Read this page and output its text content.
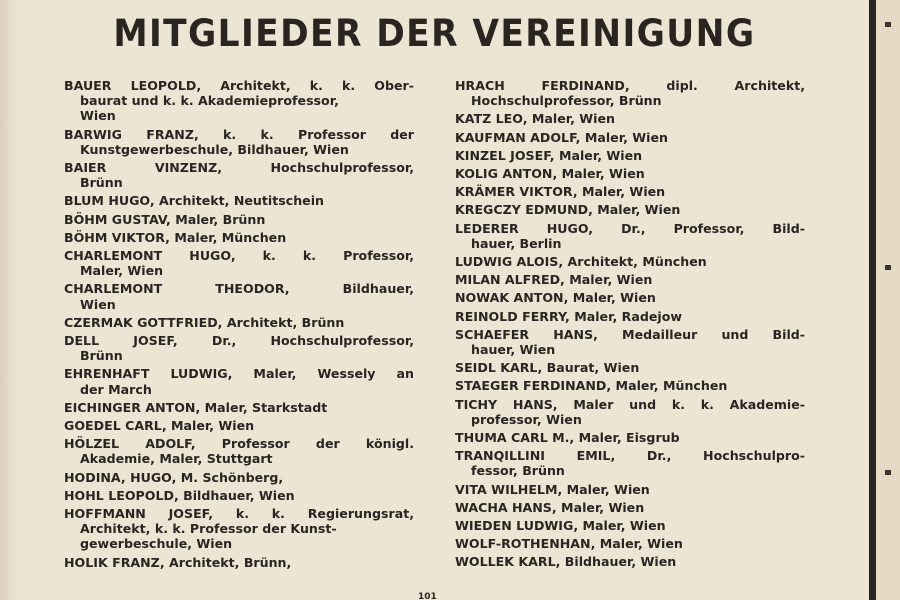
MITGLIEDER DER VEREINIGUNG
BAUER LEOPOLD, Architekt, k. k. Ober-
baurat und k. k. Akademieprofessor,
Wien
BARWIG FRANZ, k. k. Professor der
Kunstgewerbeschule, Bildhauer, Wien
BAIER VINZENZ, Hochschulprofessor,
Brünn
BLUM HUGO, Architekt, Neutitschein
BÖHM GUSTAV, Maler, Brünn
BÖHM VIKTOR, Maler, München
CHARLEMONT HUGO, k. k. Professor,
Maler, Wien
CHARLEMONT THEODOR, Bildhauer,
Wien
CZERMAK GOTTFRIED, Architekt, Brünn
DELL JOSEF, Dr., Hochschulprofessor,
Brünn
EHRENHAFT LUDWIG, Maler, Wessely an
der March
EICHINGER ANTON, Maler, Starkstadt
GOEDEL CARL, Maler, Wien
HÖLZEL ADOLF, Professor der königl.
Akademie, Maler, Stuttgart
HODINA, HUGO, M. Schönberg,
HOHL LEOPOLD, Bildhauer, Wien
HOFFMANN JOSEF, k. k. Regierungsrat,
Architekt, k. k. Professor der Kunst-
gewerbeschule, Wien
HOLIK FRANZ, Architekt, Brünn,
HRACH FERDINAND, dipl. Architekt,
Hochschulprofessor, Brünn
KATZ LEO, Maler, Wien
KAUFMAN ADOLF, Maler, Wien
KINZEL JOSEF, Maler, Wien
KOLIG ANTON, Maler, Wien
KRÄMER VIKTOR, Maler, Wien
KREGCZY EDMUND, Maler, Wien
LEDERER HUGO, Dr., Professor, Bild-
hauer, Berlin
LUDWIG ALOIS, Architekt, München
MILAN ALFRED, Maler, Wien
NOWAK ANTON, Maler, Wien
REINOLD FERRY, Maler, Radejow
SCHAEFER HANS, Medailleur und Bild-
hauer, Wien
SEIDL KARL, Baurat, Wien
STAEGER FERDINAND, Maler, München
TICHY HANS, Maler und k. k. Akademie-
professor, Wien
THUMA CARL M., Maler, Eisgrub
TRANQILLINI EMIL, Dr., Hochschulpro-
fessor, Brünn
VITA WILHELM, Maler, Wien
WACHA HANS, Maler, Wien
WIEDEN LUDWIG, Maler, Wien
WOLF-ROTHENHAN, Maler, Wien
WOLLEK KARL, Bildhauer, Wien
101
